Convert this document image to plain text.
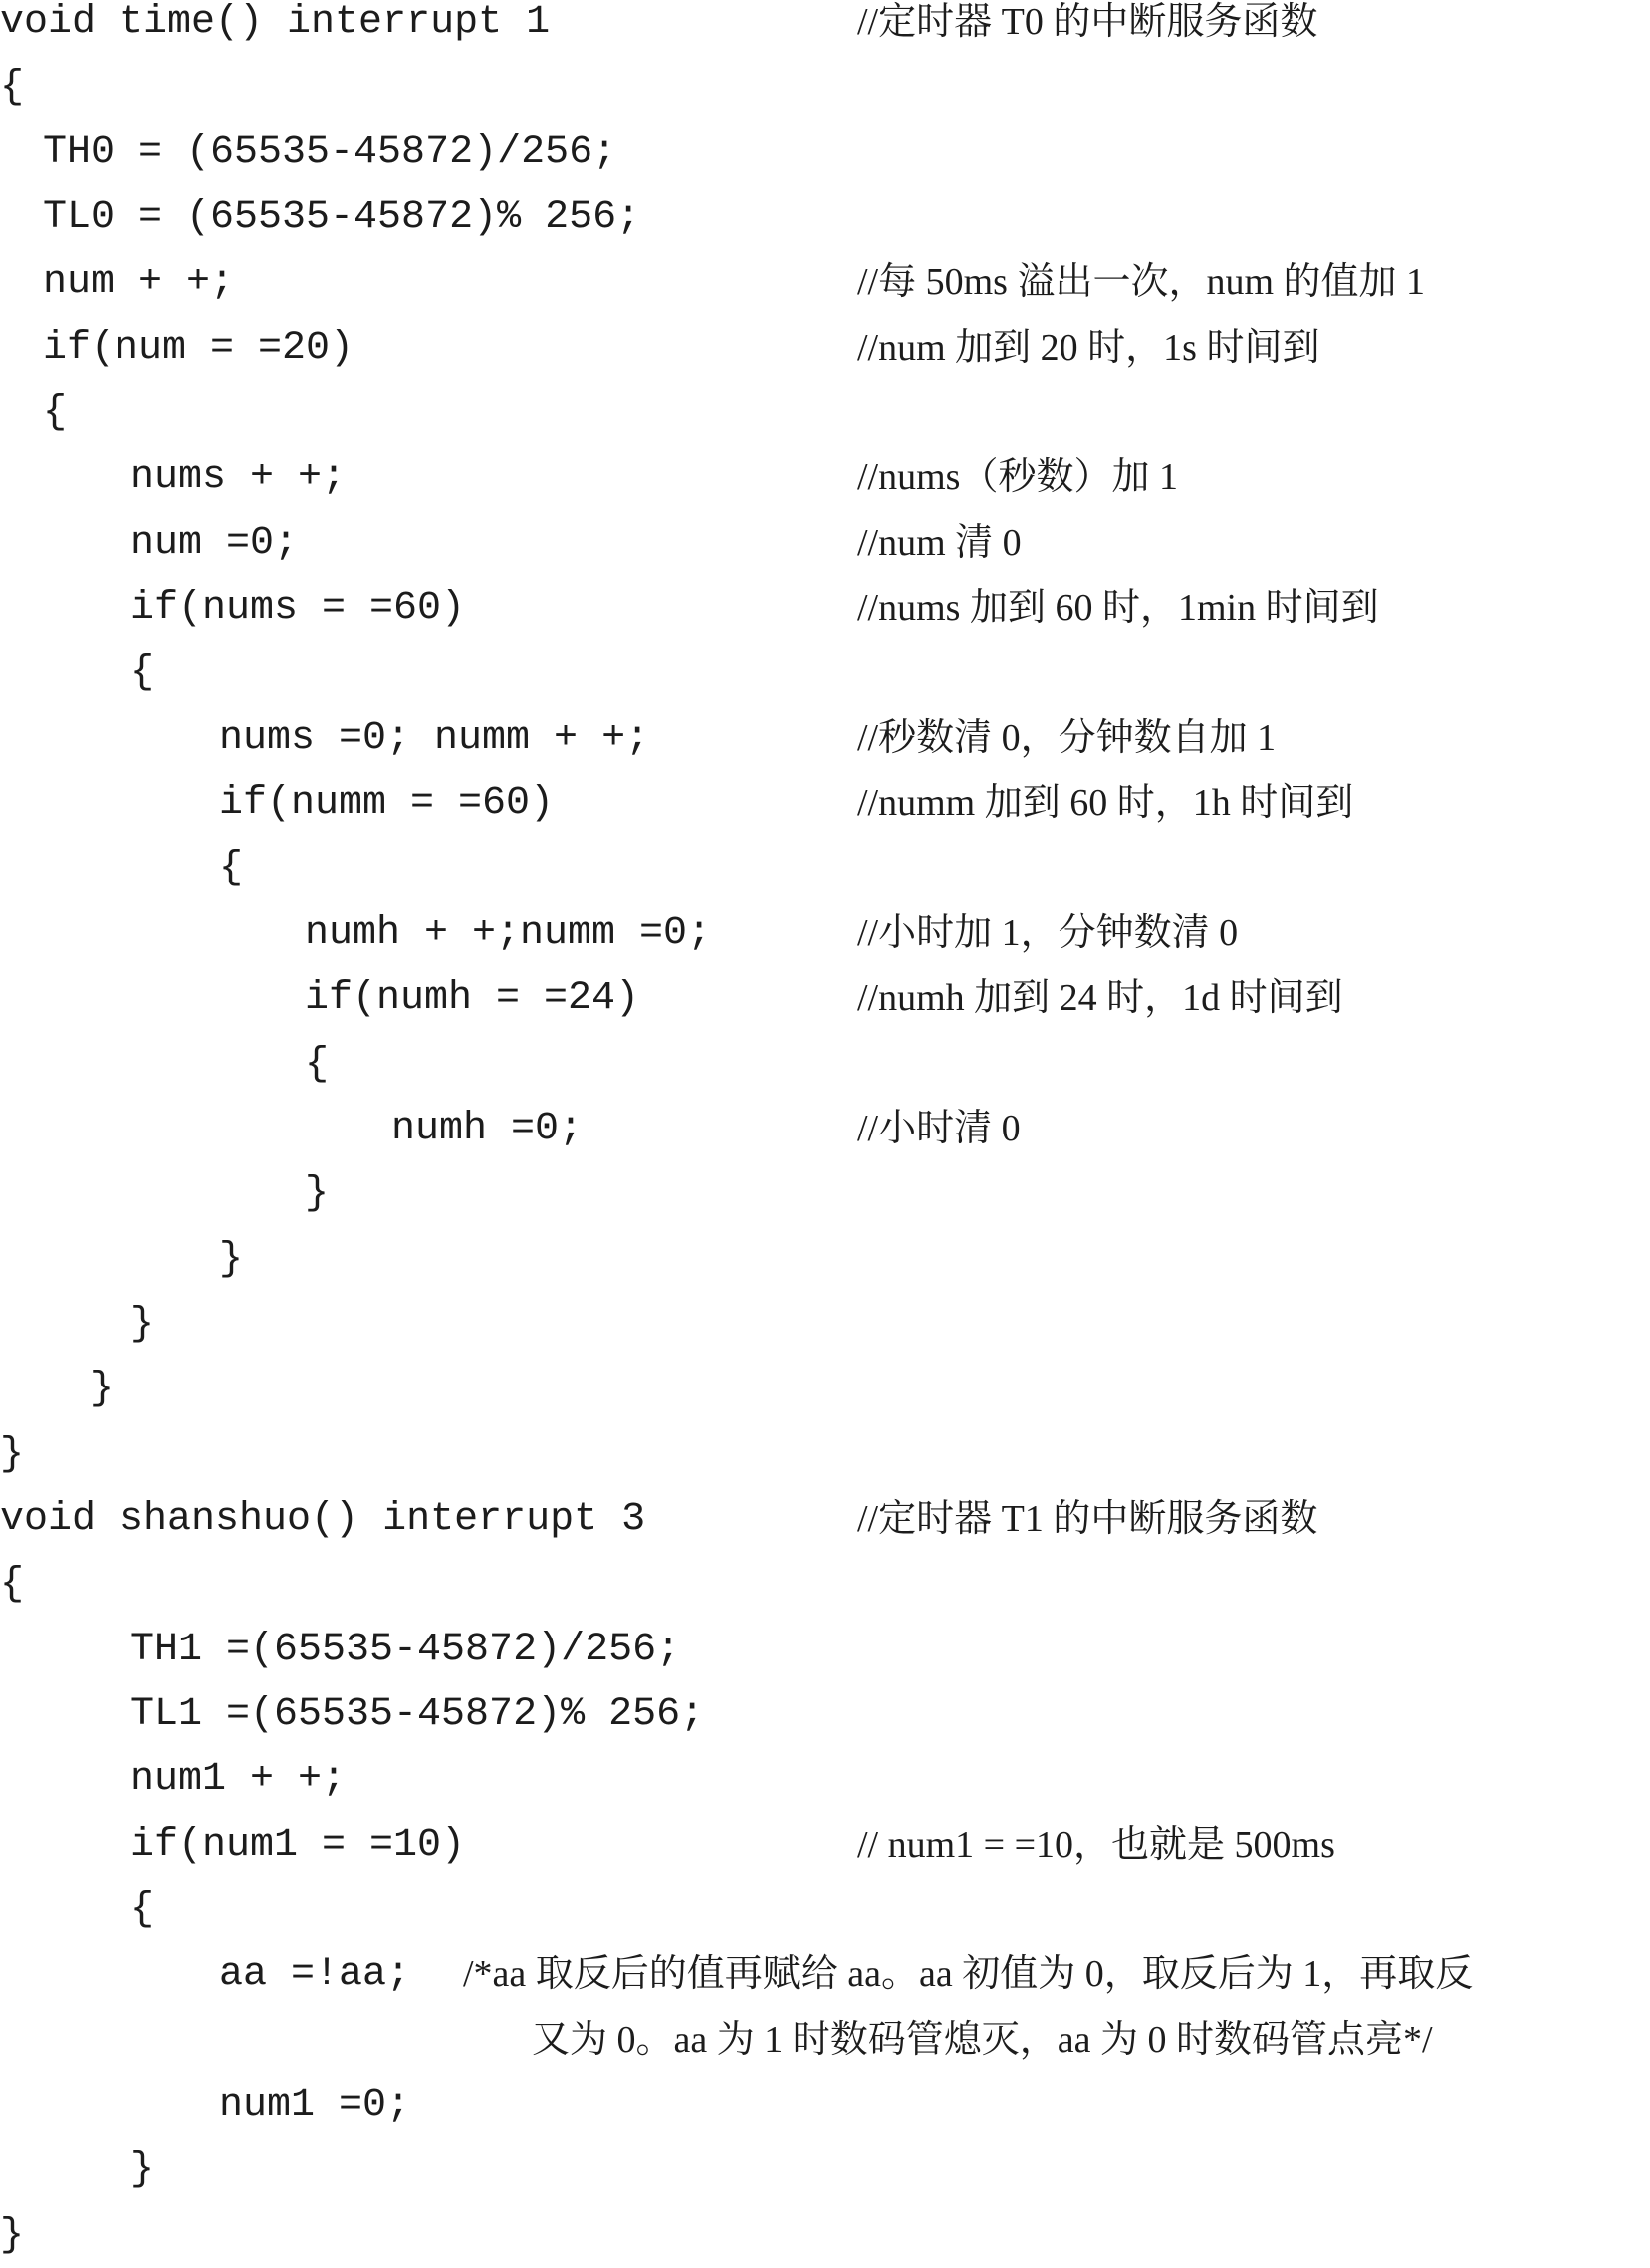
void time() interrupt 1	//定时器 T0 的中断服务函数
{
TH0 = (65535-45872)/256;
TL0 = (65535-45872)% 256;
num + +;	//每 50ms 溢出一次，num 的值加 1
if(num = =20)	//num 加到 20 时，1s 时间到
{
nums + +;	//nums（秒数）加 1
num =0;	//num 清 0
if(nums = =60)	//nums 加到 60 时，1min 时间到
{
nums =0; numm + +;	//秒数清 0，分钟数自加 1
if(numm = =60)	//numm 加到 60 时，1h 时间到
{
numh + +;numm =0;	//小时加 1，分钟数清 0
if(numh = =24)	//numh 加到 24 时，1d 时间到
{
numh =0;	//小时清 0
}
}
}
}
}
void shanshuo() interrupt 3	//定时器 T1 的中断服务函数
{
TH1 =(65535-45872)/256;
TL1 =(65535-45872)% 256;
num1 + +;
if(num1 = =10)	// num1 = =10，也就是 500ms
{
aa =!aa; /*aa 取反后的值再赋给 aa。aa 初值为 0，取反后为 1，再取反
又为 0。aa 为 1 时数码管熄灭，aa 为 0 时数码管点亮*/
num1 =0;
}
}
